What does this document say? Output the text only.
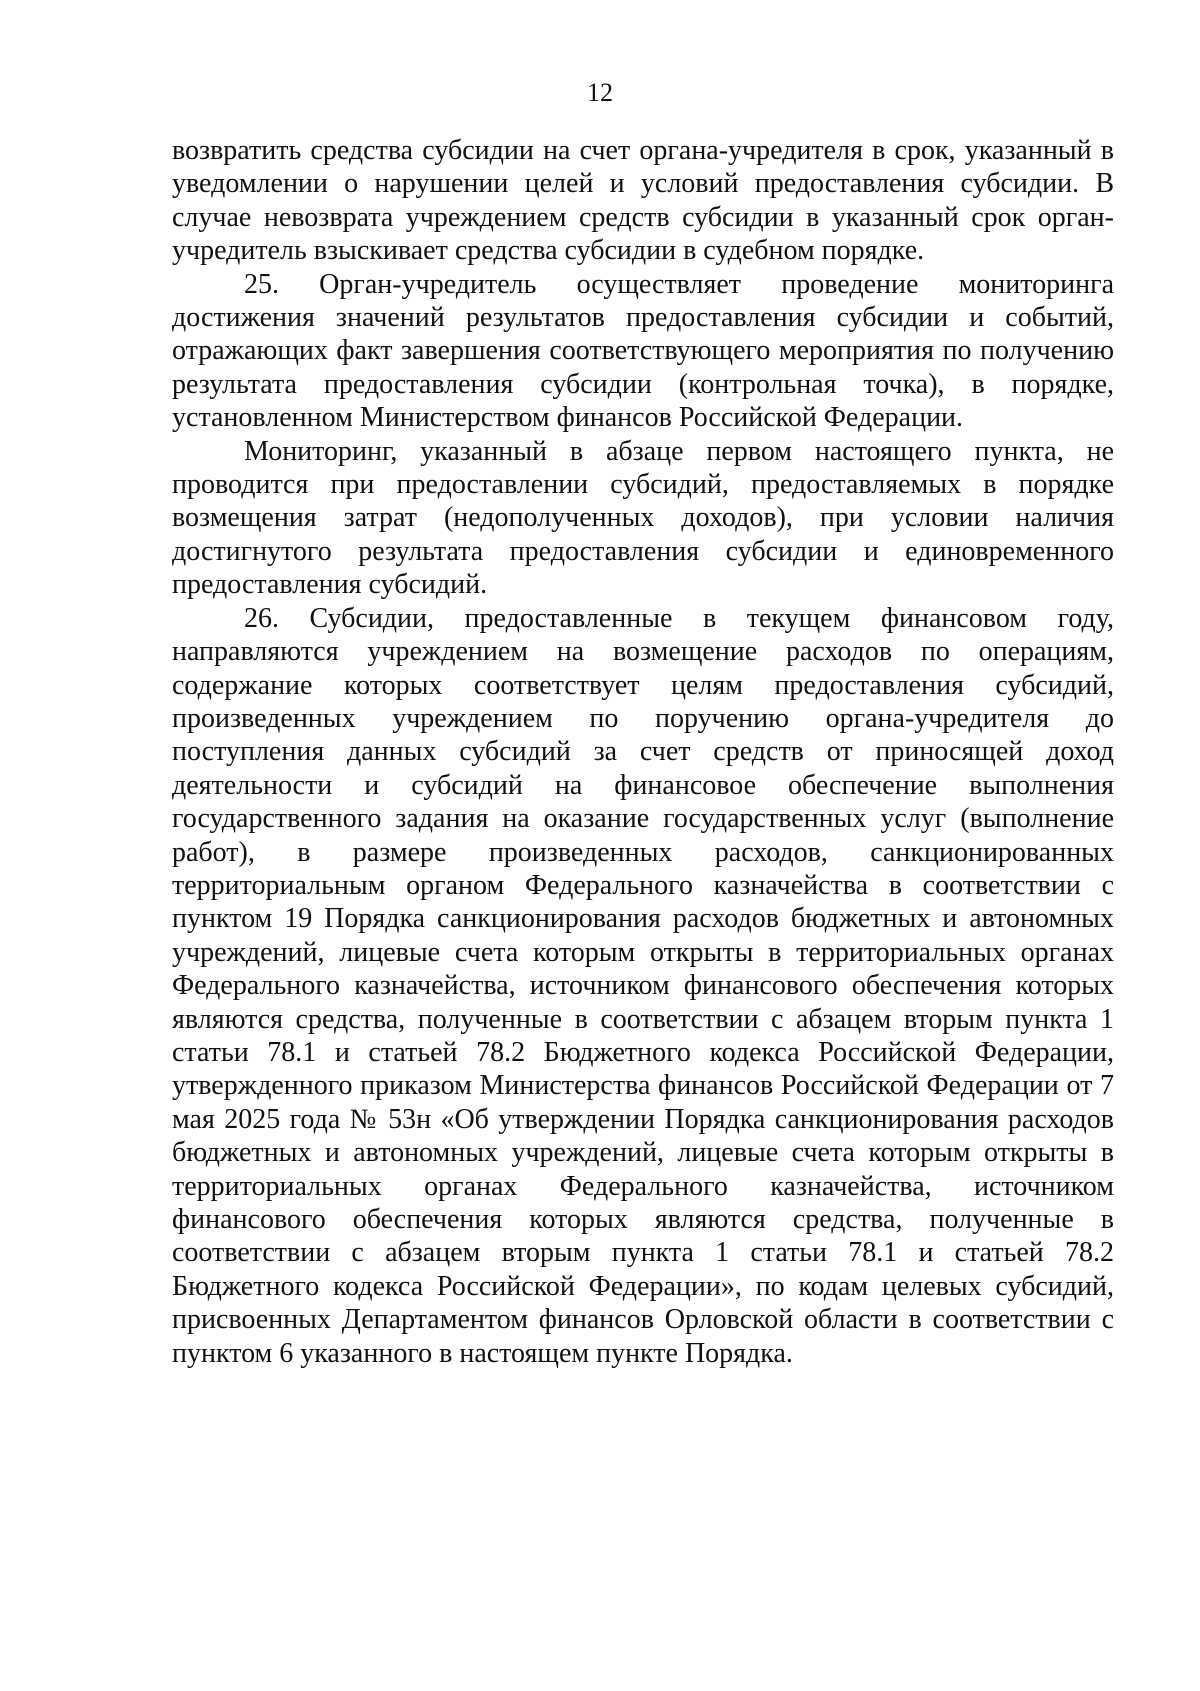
12

возвратить средства субсидии на счет органа-учредителя в срок, указанный в уведомлении о нарушении целей и условий предоставления субсидии. В случае невозврата учреждением средств субсидии в указанный срок орган-учредитель взыскивает средства субсидии в судебном порядке.

25. Орган-учредитель осуществляет проведение мониторинга достижения значений результатов предоставления субсидии и событий, отражающих факт завершения соответствующего мероприятия по получению результата предоставления субсидии (контрольная точка), в порядке, установленном Министерством финансов Российской Федерации.

Мониторинг, указанный в абзаце первом настоящего пункта, не проводится при предоставлении субсидий, предоставляемых в порядке возмещения затрат (недополученных доходов), при условии наличия достигнутого результата предоставления субсидии и единовременного предоставления субсидий.

26. Субсидии, предоставленные в текущем финансовом году, направляются учреждением на возмещение расходов по операциям, содержание которых соответствует целям предоставления субсидий, произведенных учреждением по поручению органа-учредителя до поступления данных субсидий за счет средств от приносящей доход деятельности и субсидий на финансовое обеспечение выполнения государственного задания на оказание государственных услуг (выполнение работ), в размере произведенных расходов, санкционированных территориальным органом Федерального казначейства в соответствии с пунктом 19 Порядка санкционирования расходов бюджетных и автономных учреждений, лицевые счета которым открыты в территориальных органах Федерального казначейства, источником финансового обеспечения которых являются средства, полученные в соответствии с абзацем вторым пункта 1 статьи 78.1 и статьей 78.2 Бюджетного кодекса Российской Федерации, утвержденного приказом Министерства финансов Российской Федерации от 7 мая 2025 года № 53н «Об утверждении Порядка санкционирования расходов бюджетных и автономных учреждений, лицевые счета которым открыты в территориальных органах Федерального казначейства, источником финансового обеспечения которых являются средства, полученные в соответствии с абзацем вторым пункта 1 статьи 78.1 и статьей 78.2 Бюджетного кодекса Российской Федерации», по кодам целевых субсидий, присвоенных Департаментом финансов Орловской области в соответствии с пунктом 6 указанного в настоящем пункте Порядка.
